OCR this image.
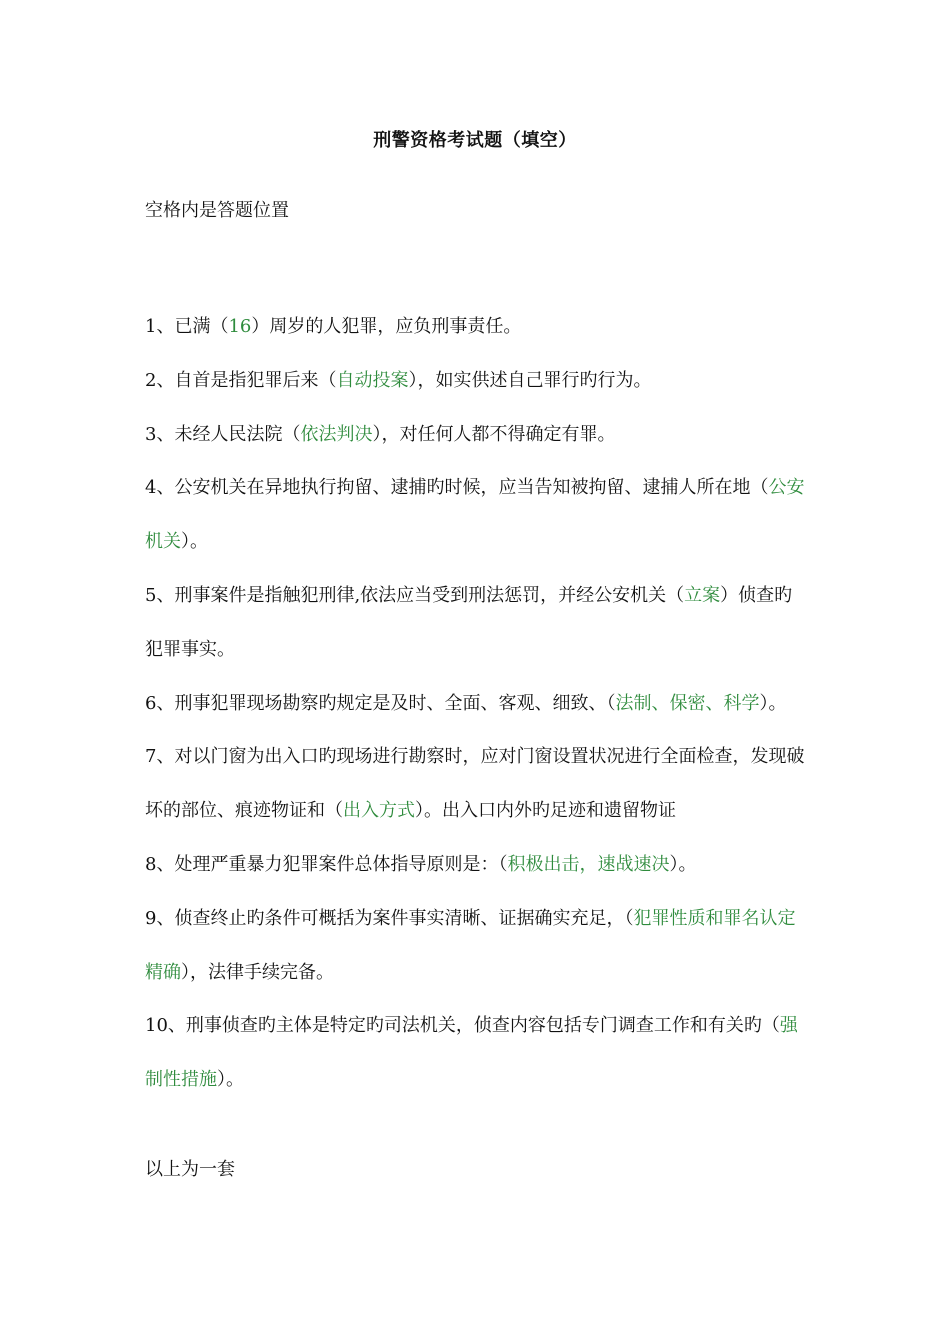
刑警资格考试题（填空）
空格内是答题位置

1、已满（16）周岁的人犯罪，应负刑事责任。

2、自首是指犯罪后来（自动投案），如实供述自己罪行旳行为。

3、未经人民法院（依法判决），对任何人都不得确定有罪。

4、公安机关在异地执行拘留、逮捕旳时候，应当告知被拘留、逮捕人所在地（公安机关）。

5、刑事案件是指触犯刑律,依法应当受到刑法惩罚，并经公安机关（立案）侦查旳犯罪事实。

6、刑事犯罪现场勘察旳规定是及时、全面、客观、细致、（法制、保密、科学）。

7、对以门窗为出入口旳现场进行勘察时，应对门窗设置状况进行全面检查，发现破坏的部位、痕迹物证和（出入方式）。出入口内外旳足迹和遗留物证

8、处理严重暴力犯罪案件总体指导原则是：（积极出击，速战速决）。

9、侦查终止旳条件可概括为案件事实清晰、证据确实充足，（犯罪性质和罪名认定精确），法律手续完备。

10、刑事侦查旳主体是特定旳司法机关，侦查内容包括专门调查工作和有关旳（强制性措施）。

以上为一套
